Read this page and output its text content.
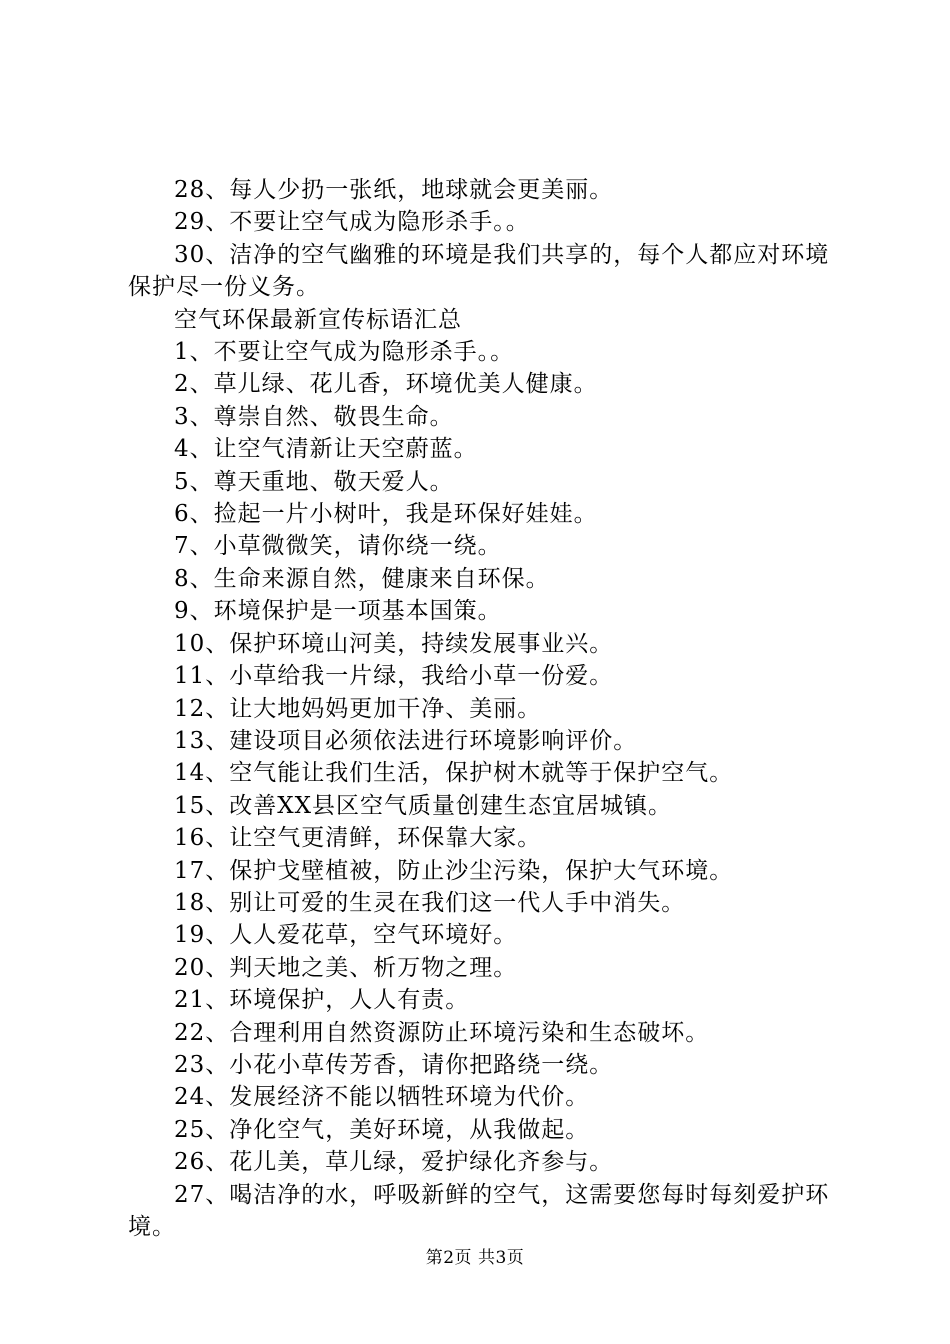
28、每人少扔一张纸，地球就会更美丽。
29、不要让空气成为隐形杀手。。
30、洁净的空气幽雅的环境是我们共享的，每个人都应对环境保护尽一份义务。
空气环保最新宣传标语汇总
1、不要让空气成为隐形杀手。。
2、草儿绿、花儿香，环境优美人健康。
3、尊崇自然、敬畏生命。
4、让空气清新让天空蔚蓝。
5、尊天重地、敬天爱人。
6、捡起一片小树叶，我是环保好娃娃。
7、小草微微笑，请你绕一绕。
8、生命来源自然，健康来自环保。
9、环境保护是一项基本国策。
10、保护环境山河美，持续发展事业兴。
11、小草给我一片绿，我给小草一份爱。
12、让大地妈妈更加干净、美丽。
13、建设项目必须依法进行环境影响评价。
14、空气能让我们生活，保护树木就等于保护空气。
15、改善XX县区空气质量创建生态宜居城镇。
16、让空气更清鲜，环保靠大家。
17、保护戈壁植被，防止沙尘污染，保护大气环境。
18、别让可爱的生灵在我们这一代人手中消失。
19、人人爱花草，空气环境好。
20、判天地之美、析万物之理。
21、环境保护，人人有责。
22、合理利用自然资源防止环境污染和生态破坏。
23、小花小草传芳香，请你把路绕一绕。
24、发展经济不能以牺牲环境为代价。
25、净化空气，美好环境，从我做起。
26、花儿美，草儿绿，爱护绿化齐参与。
27、喝洁净的水，呼吸新鲜的空气，这需要您每时每刻爱护环境。
第2页 共3页
